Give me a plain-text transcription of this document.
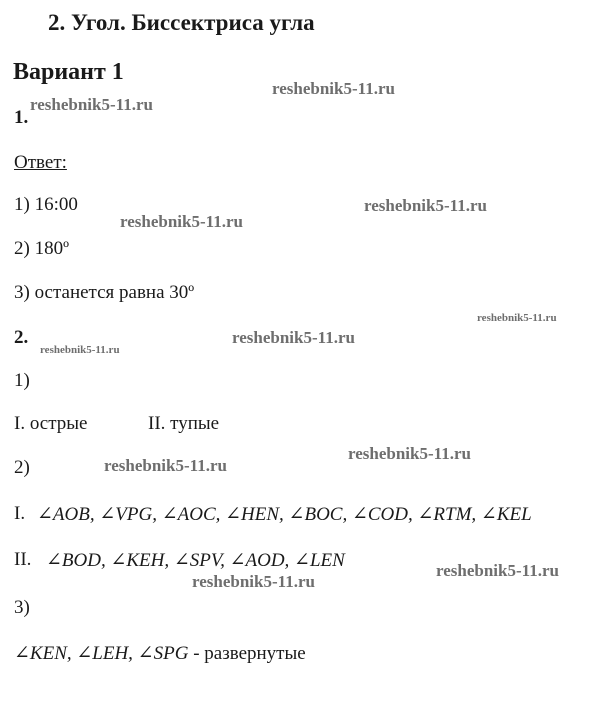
2. Угол. Биссектриса угла
Вариант 1
1.
Ответ:
1) 16:00
2) 180º
3) останется равна 30º
2.
1)
I. острые	II. тупые
2)
I. ∠AOB, ∠VPG, ∠AOC, ∠HEN, ∠BOC, ∠COD, ∠RTM, ∠KEL
II. ∠BOD, ∠KEH, ∠SPV, ∠AOD, ∠LEN
3)
∠KEN, ∠LEH, ∠SPG - развернутые
reshebnik5-11.ru
reshebnik5-11.ru
reshebnik5-11.ru
reshebnik5-11.ru
reshebnik5-11.ru
reshebnik5-11.ru
reshebnik5-11.ru
reshebnik5-11.ru
reshebnik5-11.ru
reshebnik5-11.ru
reshebnik5-11.ru
